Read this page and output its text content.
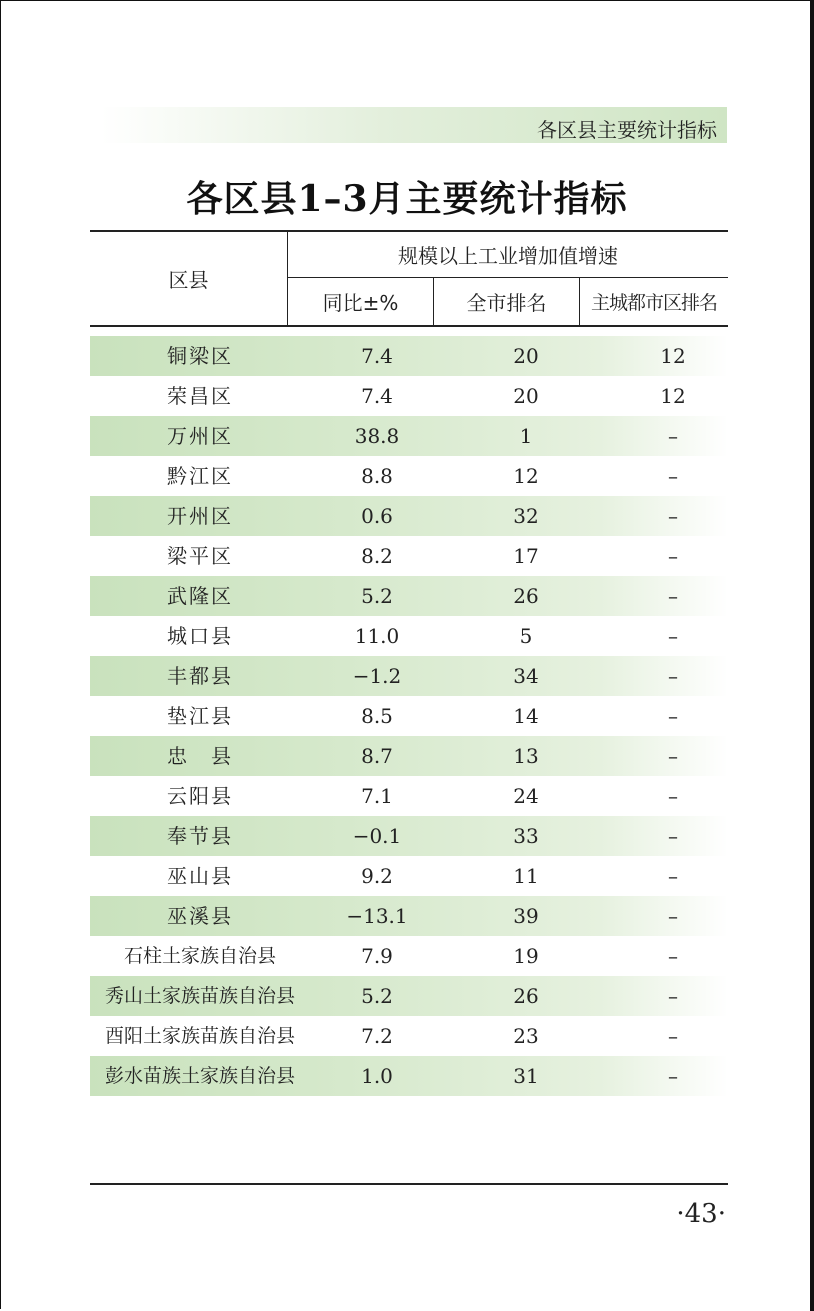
各区县主要统计指标
各区县1–3月主要统计指标
区县
规模以上工业增加值增速
同比±%	全市排名	主城都市区排名
铜梁区	7.4	20	12
荣昌区	7.4	20	12
万州区	38.8	1	–
黔江区	8.8	12	–
开州区	0.6	32	–
梁平区	8.2	17	–
武隆区	5.2	26	–
城口县	11.0	5	–
丰都县	−1.2	34	–
垫江县	8.5	14	–
忠　县	8.7	13	–
云阳县	7.1	24	–
奉节县	−0.1	33	–
巫山县	9.2	11	–
巫溪县	−13.1	39	–
石柱土家族自治县	7.9	19	–
秀山土家族苗族自治县	5.2	26	–
酉阳土家族苗族自治县	7.2	23	–
彭水苗族土家族自治县	1.0	31	–
·43·
